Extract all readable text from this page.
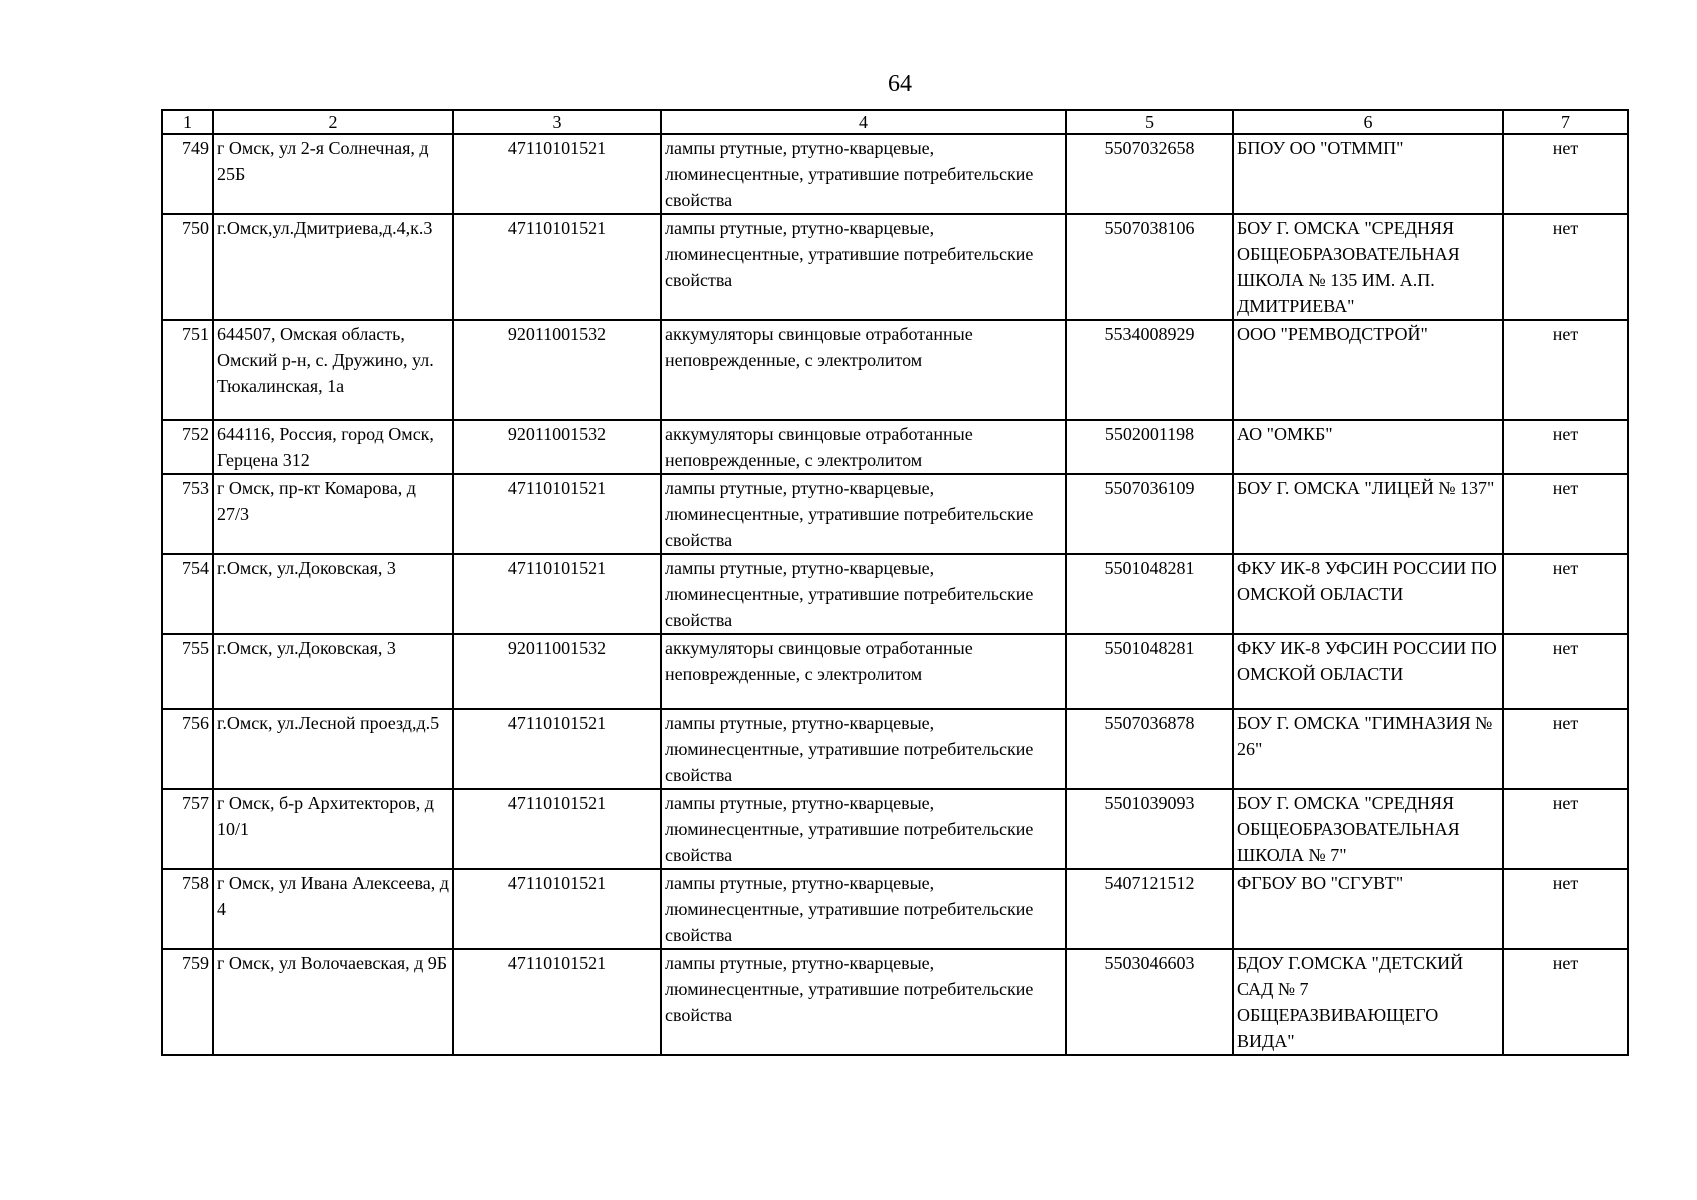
64
1	2	3	4	5	6	7
749	г Омск, ул 2-я Солнечная, д 25Б	47110101521	лампы ртутные, ртутно-кварцевые, люминесцентные, утратившие потребительские свойства	5507032658	БПОУ ОО "ОТММП"	нет
750	г.Омск,ул.Дмитриева,д.4,к.3	47110101521	лампы ртутные, ртутно-кварцевые, люминесцентные, утратившие потребительские свойства	5507038106	БОУ Г. ОМСКА "СРЕДНЯЯ ОБЩЕОБРАЗОВАТЕЛЬНАЯ ШКОЛА № 135 ИМ. А.П. ДМИТРИЕВА"	нет
751	644507, Омская область, Омский р-н, с. Дружино, ул. Тюкалинская, 1а	92011001532	аккумуляторы свинцовые отработанные неповрежденные, с электролитом	5534008929	ООО "РЕМВОДСТРОЙ"	нет
752	644116, Россия, город Омск, Герцена 312	92011001532	аккумуляторы свинцовые отработанные неповрежденные, с электролитом	5502001198	АО "ОМКБ"	нет
753	г Омск, пр-кт Комарова, д 27/3	47110101521	лампы ртутные, ртутно-кварцевые, люминесцентные, утратившие потребительские свойства	5507036109	БОУ Г. ОМСКА "ЛИЦЕЙ № 137"	нет
754	г.Омск, ул.Доковская, 3	47110101521	лампы ртутные, ртутно-кварцевые, люминесцентные, утратившие потребительские свойства	5501048281	ФКУ ИК-8 УФСИН РОССИИ ПО ОМСКОЙ ОБЛАСТИ	нет
755	г.Омск, ул.Доковская, 3	92011001532	аккумуляторы свинцовые отработанные неповрежденные, с электролитом	5501048281	ФКУ ИК-8 УФСИН РОССИИ ПО ОМСКОЙ ОБЛАСТИ	нет
756	г.Омск, ул.Лесной проезд,д.5	47110101521	лампы ртутные, ртутно-кварцевые, люминесцентные, утратившие потребительские свойства	5507036878	БОУ Г. ОМСКА "ГИМНАЗИЯ № 26"	нет
757	г Омск, б-р Архитекторов, д 10/1	47110101521	лампы ртутные, ртутно-кварцевые, люминесцентные, утратившие потребительские свойства	5501039093	БОУ Г. ОМСКА "СРЕДНЯЯ ОБЩЕОБРАЗОВАТЕЛЬНАЯ ШКОЛА № 7"	нет
758	г Омск, ул Ивана Алексеева, д 4	47110101521	лампы ртутные, ртутно-кварцевые, люминесцентные, утратившие потребительские свойства	5407121512	ФГБОУ ВО "СГУВТ"	нет
759	г Омск, ул Волочаевская, д 9Б	47110101521	лампы ртутные, ртутно-кварцевые, люминесцентные, утратившие потребительские свойства	5503046603	БДОУ Г.ОМСКА "ДЕТСКИЙ САД № 7 ОБЩЕРАЗВИВАЮЩЕГО ВИДА"	нет
